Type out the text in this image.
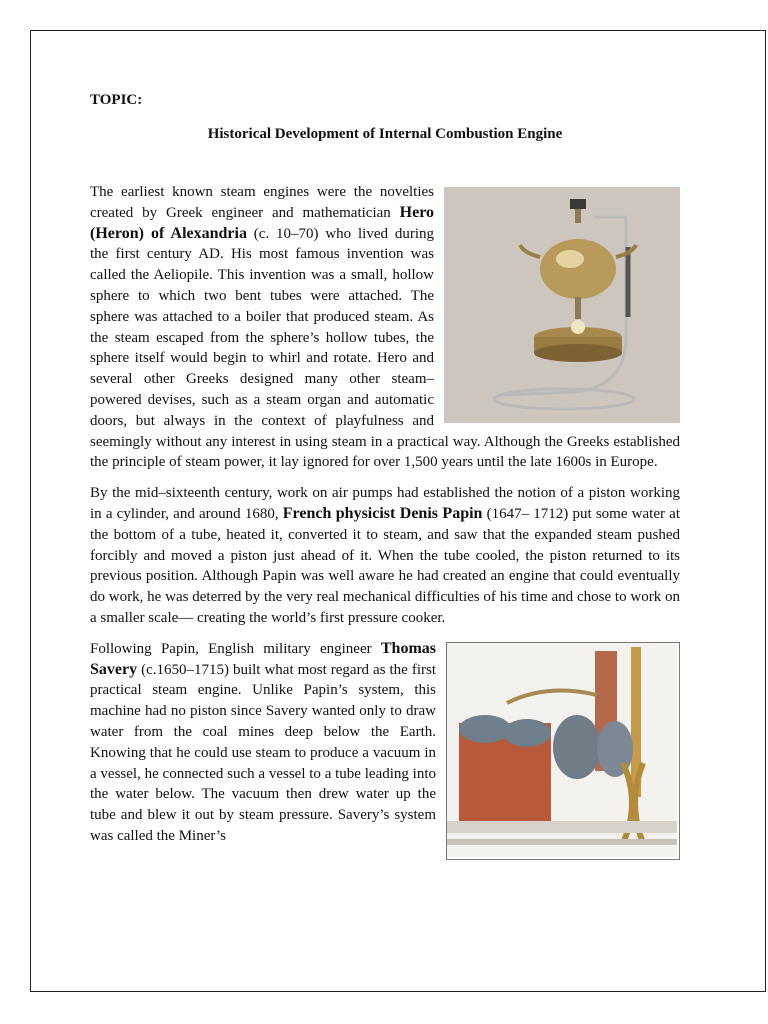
TOPIC:
Historical Development of Internal Combustion Engine

The earliest known steam engines were the novelties created by Greek engineer and mathematician Hero (Heron) of Alexandria (c. 10–70) who lived during the first century AD. His most famous invention was called the Aeliopile. This invention was a small, hollow sphere to which two bent tubes were attached. The sphere was attached to a boiler that produced steam. As the steam escaped from the sphere’s hollow tubes, the sphere itself would begin to whirl and rotate. Hero and several other Greeks designed many other steam–powered devises, such as a steam organ and automatic doors, but always in the context of playfulness and seemingly without any interest in using steam in a practical way. Although the Greeks established the principle of steam power, it lay ignored for over 1,500 years until the late 1600s in Europe.

By the mid–sixteenth century, work on air pumps had established the notion of a piston working in a cylinder, and around 1680, French physicist Denis Papin (1647– 1712) put some water at the bottom of a tube, heated it, converted it to steam, and saw that the expanded steam pushed forcibly and moved a piston just ahead of it. When the tube cooled, the piston returned to its previous position. Although Papin was well aware he had created an engine that could eventually do work, he was deterred by the very real mechanical difficulties of his time and chose to work on a smaller scale— creating the world’s first pressure cooker.

Following Papin, English military engineer Thomas Savery (c.1650–1715) built what most regard as the first practical steam engine. Unlike Papin’s system, this machine had no piston since Savery wanted only to draw water from the coal mines deep below the Earth. Knowing that he could use steam to produce a vacuum in a vessel, he connected such a vessel to a tube leading into the water below. The vacuum then drew water up the tube and blew it out by steam pressure. Savery’s system was called the Miner’s
